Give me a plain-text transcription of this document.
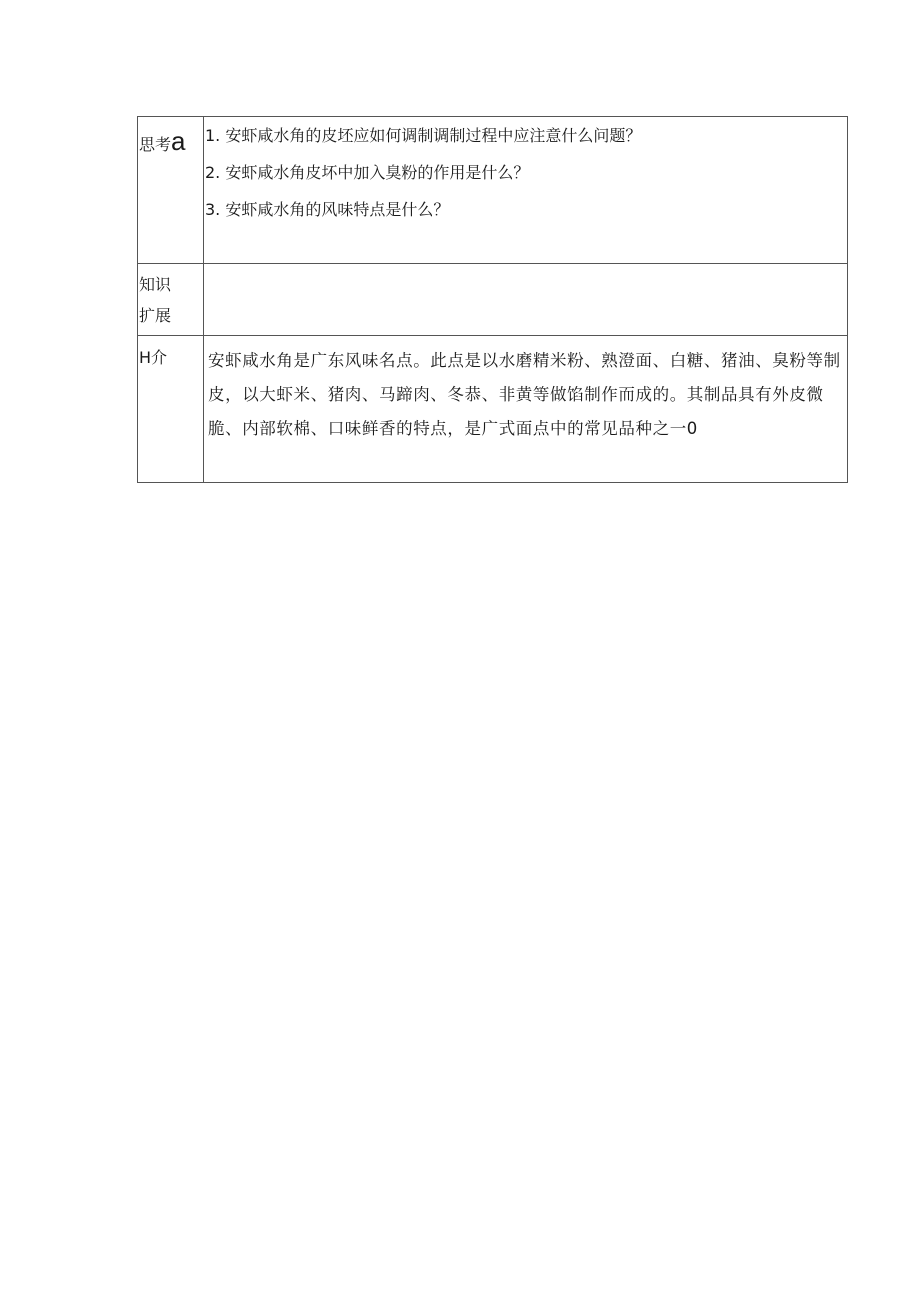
思考a	1. 安虾咸水角的皮坯应如何调制调制过程中应注意什么问题？
2. 安虾咸水角皮坏中加入臭粉的作用是什么？
3. 安虾咸水角的风味特点是什么？

知识
扩展	

H介	安虾咸水角是广东风味名点。此点是以水磨精米粉、熟澄面、白糖、猪油、臭粉等制皮，以大虾米、猪肉、马蹄肉、冬恭、非黄等做馅制作而成的。其制品具有外皮微脆、内部软棉、口味鲜香的特点，是广式面点中的常见品种之一0
